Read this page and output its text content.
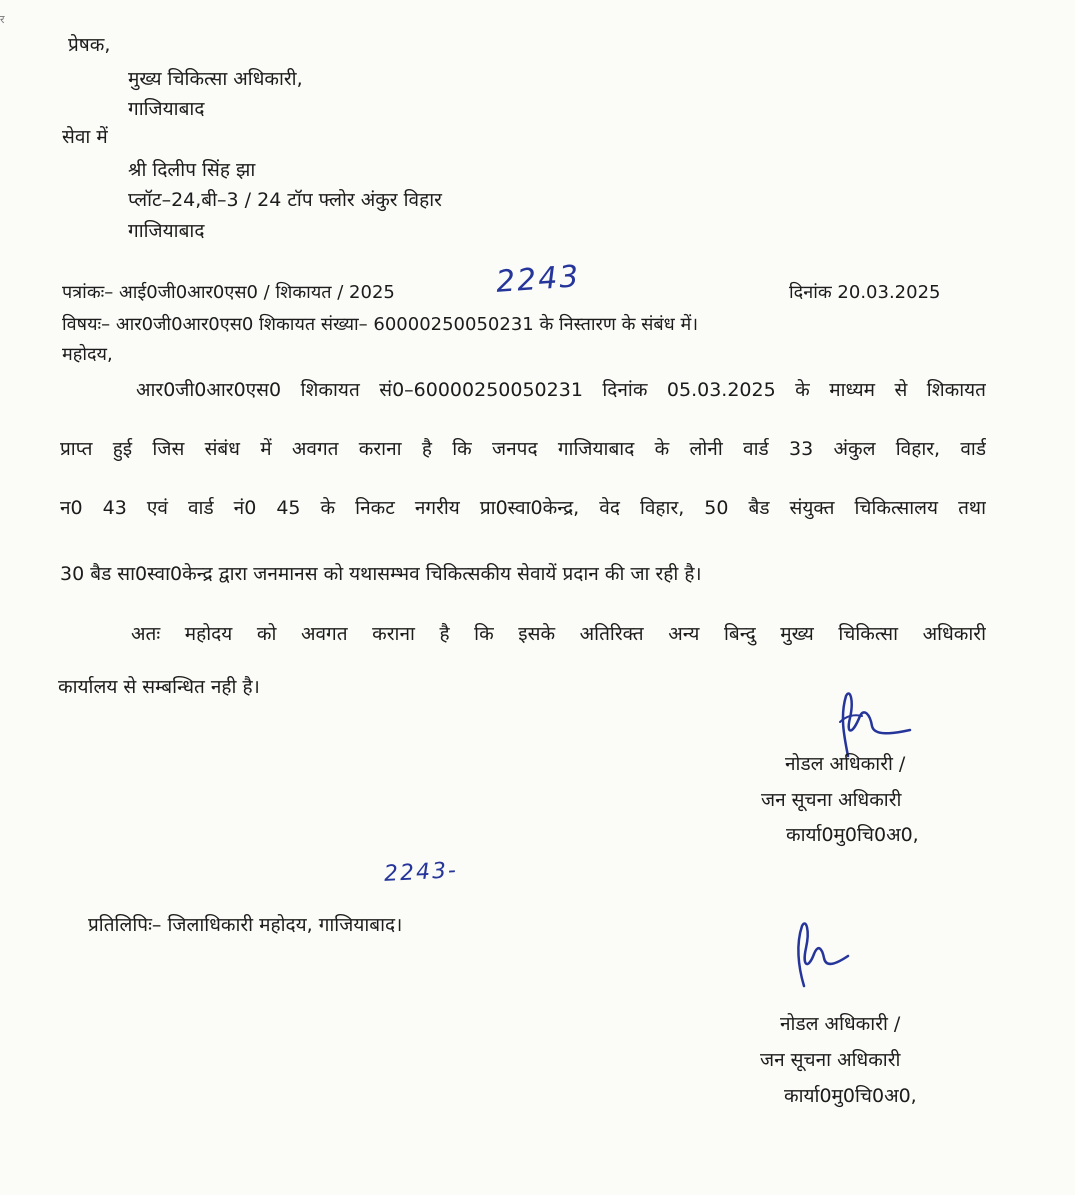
र
प्रेषक,
मुख्य चिकित्सा अधिकारी,
गाजियाबाद
सेवा में
श्री दिलीप सिंह झा
प्लॉट–24,बी–3 / 24 टॉप फ्लोर अंकुर विहार
गाजियाबाद
पत्रांकः– आई0जी0आर0एस0 / शिकायत / 2025	2243	दिनांक 20.03.2025
विषयः– आर0जी0आर0एस0 शिकायत संख्या– 60000250050231 के निस्तारण के संबंध में।
महोदय,
आर0जी0आर0एस0 शिकायत सं0–60000250050231 दिनांक 05.03.2025 के माध्यम से शिकायत
प्राप्त हुई जिस संबंध में अवगत कराना है कि जनपद गाजियाबाद के लोनी वार्ड 33 अंकुल विहार, वार्ड
न0 43 एवं वार्ड नं0 45 के निकट नगरीय प्रा0स्वा0केन्द्र, वेद विहार, 50 बैड संयुक्त चिकित्सालय तथा
30 बैड सा0स्वा0केन्द्र द्वारा जनमानस को यथासम्भव चिकित्सकीय सेवायें प्रदान की जा रही है।
अतः महोदय को अवगत कराना है कि इसके अतिरिक्त अन्य बिन्दु मुख्य चिकित्सा अधिकारी
कार्यालय से सम्बन्धित नही है।
नोडल अधिकारी /
जन सूचना अधिकारी
कार्या0मु0चि0अ0,
2243-
प्रतिलिपिः– जिलाधिकारी महोदय, गाजियाबाद।
नोडल अधिकारी /
जन सूचना अधिकारी
कार्या0मु0चि0अ0,
